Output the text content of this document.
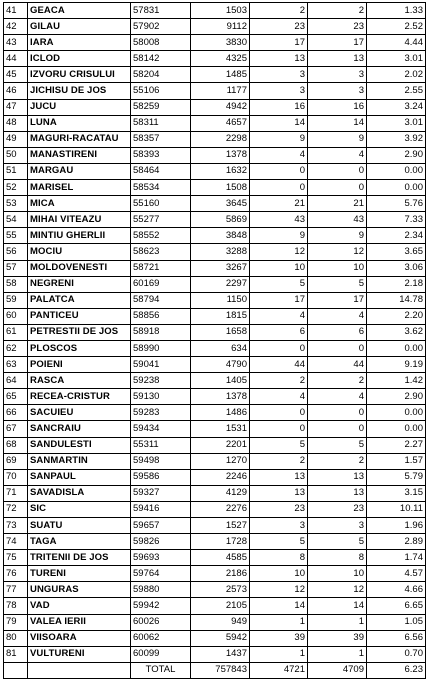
41	GEACA	57831	1503	2	2	1.33
42	GILAU	57902	9112	23	23	2.52
43	IARA	58008	3830	17	17	4.44
44	ICLOD	58142	4325	13	13	3.01
45	IZVORU CRISULUI	58204	1485	3	3	2.02
46	JICHISU DE JOS	55106	1177	3	3	2.55
47	JUCU	58259	4942	16	16	3.24
48	LUNA	58311	4657	14	14	3.01
49	MAGURI-RACATAU	58357	2298	9	9	3.92
50	MANASTIRENI	58393	1378	4	4	2.90
51	MARGAU	58464	1632	0	0	0.00
52	MARISEL	58534	1508	0	0	0.00
53	MICA	55160	3645	21	21	5.76
54	MIHAI VITEAZU	55277	5869	43	43	7.33
55	MINTIU GHERLII	58552	3848	9	9	2.34
56	MOCIU	58623	3288	12	12	3.65
57	MOLDOVENESTI	58721	3267	10	10	3.06
58	NEGRENI	60169	2297	5	5	2.18
59	PALATCA	58794	1150	17	17	14.78
60	PANTICEU	58856	1815	4	4	2.20
61	PETRESTII DE JOS	58918	1658	6	6	3.62
62	PLOSCOS	58990	634	0	0	0.00
63	POIENI	59041	4790	44	44	9.19
64	RASCA	59238	1405	2	2	1.42
65	RECEA-CRISTUR	59130	1378	4	4	2.90
66	SACUIEU	59283	1486	0	0	0.00
67	SANCRAIU	59434	1531	0	0	0.00
68	SANDULESTI	55311	2201	5	5	2.27
69	SANMARTIN	59498	1270	2	2	1.57
70	SANPAUL	59586	2246	13	13	5.79
71	SAVADISLA	59327	4129	13	13	3.15
72	SIC	59416	2276	23	23	10.11
73	SUATU	59657	1527	3	3	1.96
74	TAGA	59826	1728	5	5	2.89
75	TRITENII DE JOS	59693	4585	8	8	1.74
76	TURENI	59764	2186	10	10	4.57
77	UNGURAS	59880	2573	12	12	4.66
78	VAD	59942	2105	14	14	6.65
79	VALEA IERII	60026	949	1	1	1.05
80	VIISOARA	60062	5942	39	39	6.56
81	VULTURENI	60099	1437	1	1	0.70
		TOTAL	757843	4721	4709	6.23
